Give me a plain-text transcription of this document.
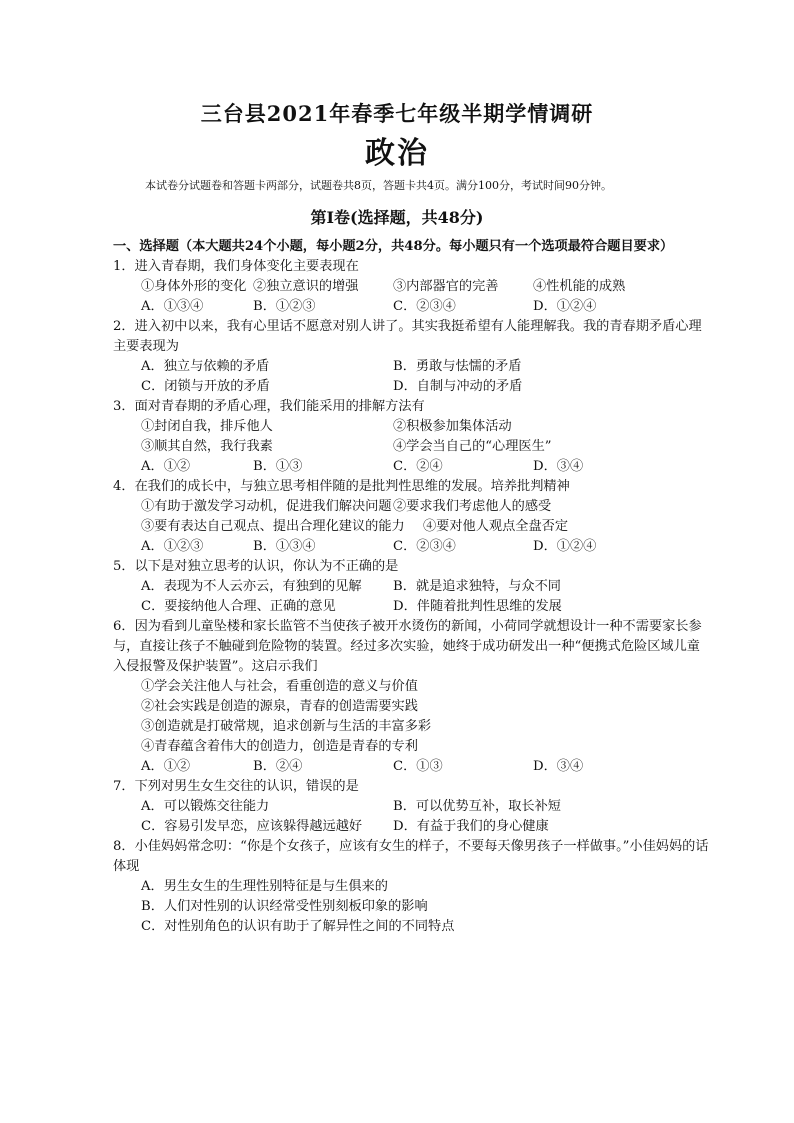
三台县2021年春季七年级半期学情调研
政治
本试卷分试题卷和答题卡两部分，试题卷共8页，答题卡共4页。满分100分，考试时间90分钟。
第Ⅰ卷(选择题，共48分)
一、选择题（本大题共24个小题，每小题2分，共48分。每小题只有一个选项最符合题目要求）
1．进入青春期，我们身体变化主要表现在
①身体外形的变化 ②独立意识的增强	③内部器官的完善	④性机能的成熟
A．①③④	B．①②③	C．②③④	D．①②④
2．进入初中以来，我有心里话不愿意对别人讲了。其实我挺希望有人能理解我。我的青春期矛盾心理主要表现为
A．独立与依赖的矛盾	B．勇敢与怯懦的矛盾
C．闭锁与开放的矛盾	D．自制与冲动的矛盾
3．面对青春期的矛盾心理，我们能采用的排解方法有
①封闭自我，排斥他人	②积极参加集体活动
③顺其自然，我行我素	④学会当自己的“心理医生”
A．①②	B．①③	C．②④	D．③④
4．在我们的成长中，与独立思考相伴随的是批判性思维的发展。培养批判精神
①有助于激发学习动机，促进我们解决问题 ②要求我们考虑他人的感受
③要有表达自己观点、提出合理化建议的能力	④要对他人观点全盘否定
A．①②③	B．①③④	C．②③④	D．①②④
5．以下是对独立思考的认识，你认为不正确的是
A．表现为不人云亦云，有独到的见解	B．就是追求独特，与众不同
C．要接纳他人合理、正确的意见	D．伴随着批判性思维的发展
6．因为看到儿童坠楼和家长监管不当使孩子被开水烫伤的新闻，小荷同学就想设计一种不需要家长参与，直接让孩子不触碰到危险物的装置。经过多次实验，她终于成功研发出一种“便携式危险区域儿童入侵报警及保护装置”。这启示我们
①学会关注他人与社会，看重创造的意义与价值
②社会实践是创造的源泉，青春的创造需要实践
③创造就是打破常规，追求创新与生活的丰富多彩
④青春蕴含着伟大的创造力，创造是青春的专利
A．①②	B．②④	C．①③	D．③④
7．下列对男生女生交往的认识，错误的是
A．可以锻炼交往能力	B．可以优势互补，取长补短
C．容易引发早恋，应该躲得越远越好	D．有益于我们的身心健康
8．小佳妈妈常念叨：“你是个女孩子，应该有女生的样子，不要每天像男孩子一样做事。”小佳妈妈的话体现
A．男生女生的生理性别特征是与生俱来的
B．人们对性别的认识经常受性别刻板印象的影响
C．对性别角色的认识有助于了解异性之间的不同特点
